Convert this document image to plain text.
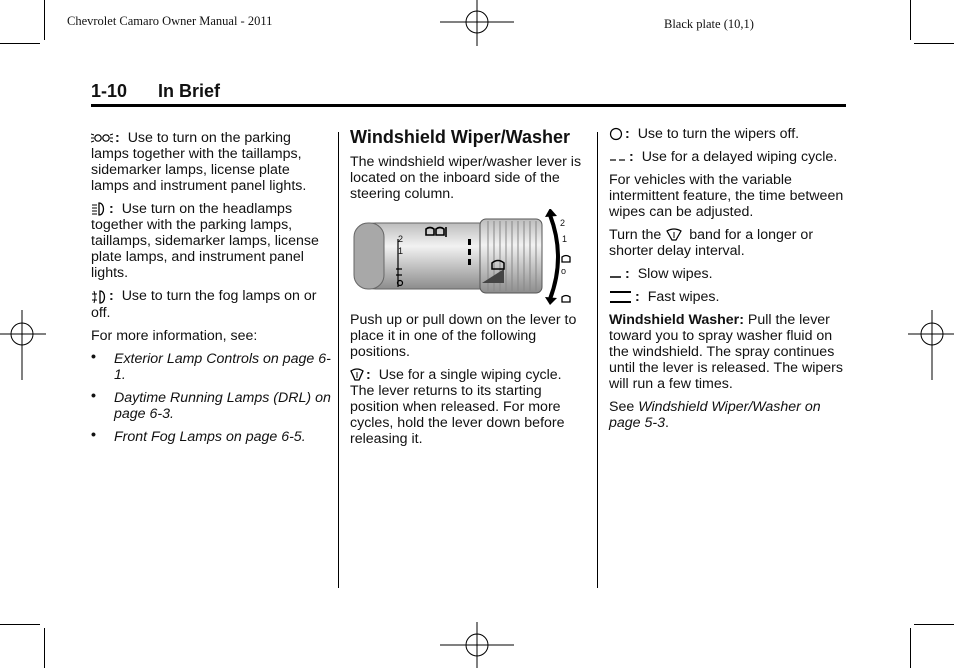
Chevrolet Camaro Owner Manual - 2011	Black plate (10,1)
1-10 In Brief

: Use to turn on the parking lamps together with the taillamps, sidemarker lamps, license plate lamps and instrument panel lights.

: Use turn on the headlamps together with the parking lamps, taillamps, sidemarker lamps, license plate lamps, and instrument panel lights.

: Use to turn the fog lamps on or off.

For more information, see:

• Exterior Lamp Controls on page 6-1.
• Daytime Running Lamps (DRL) on page 6-3.
• Front Fog Lamps on page 6-5.
Windshield Wiper/Washer

The windshield wiper/washer lever is located on the inboard side of the steering column.

2
1
o
2
1

Push up or pull down on the lever to place it in one of the following positions.

: Use for a single wiping cycle. The lever returns to its starting position when released. For more cycles, hold the lever down before releasing it.

: Use to turn the wipers off.

: Use for a delayed wiping cycle.

For vehicles with the variable intermittent feature, the time between wipes can be adjusted.

Turn the band for a longer or shorter delay interval.

: Slow wipes.

: Fast wipes.

Windshield Washer: Pull the lever toward you to spray washer fluid on the windshield. The spray continues until the lever is released. The wipers will run a few times.

See Windshield Wiper/Washer on page 5-3.
